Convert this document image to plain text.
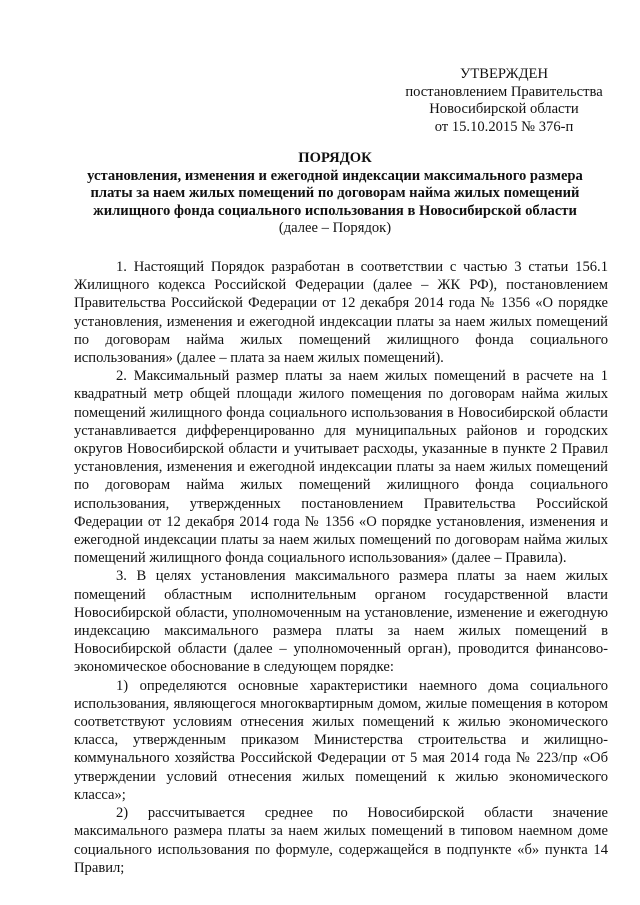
УТВЕРЖДЕН
постановлением Правительства
Новосибирской области
от 15.10.2015 № 376-п
ПОРЯДОК
установления, изменения и ежегодной индексации максимального размера платы за наем жилых помещений по договорам найма жилых помещений жилищного фонда социального использования в Новосибирской области
(далее – Порядок)

1. Настоящий Порядок разработан в соответствии с частью 3 статьи 156.1 Жилищного кодекса Российской Федерации (далее – ЖК РФ), постановлением Правительства Российской Федерации от 12 декабря 2014 года № 1356 «О порядке установления, изменения и ежегодной индексации платы за наем жилых помещений по договорам найма жилых помещений жилищного фонда социального использования» (далее – плата за наем жилых помещений).

2. Максимальный размер платы за наем жилых помещений в расчете на 1 квадратный метр общей площади жилого помещения по договорам найма жилых помещений жилищного фонда социального использования в Новосибирской области устанавливается дифференцированно для муниципальных районов и городских округов Новосибирской области и учитывает расходы, указанные в пункте 2 Правил установления, изменения и ежегодной индексации платы за наем жилых помещений по договорам найма жилых помещений жилищного фонда социального использования, утвержденных постановлением Правительства Российской Федерации от 12 декабря 2014 года № 1356 «О порядке установления, изменения и ежегодной индексации платы за наем жилых помещений по договорам найма жилых помещений жилищного фонда социального использования» (далее – Правила).

3. В целях установления максимального размера платы за наем жилых помещений областным исполнительным органом государственной власти Новосибирской области, уполномоченным на установление, изменение и ежегодную индексацию максимального размера платы за наем жилых помещений в Новосибирской области (далее – уполномоченный орган), проводится финансово-экономическое обоснование в следующем порядке:

1) определяются основные характеристики наемного дома социального использования, являющегося многоквартирным домом, жилые помещения в котором соответствуют условиям отнесения жилых помещений к жилью экономического класса, утвержденным приказом Министерства строительства и жилищно-коммунального хозяйства Российской Федерации от 5 мая 2014 года № 223/пр «Об утверждении условий отнесения жилых помещений к жилью экономического класса»;

2) рассчитывается среднее по Новосибирской области значение максимального размера платы за наем жилых помещений в типовом наемном доме социального использования по формуле, содержащейся в подпункте «б» пункта 14 Правил;
